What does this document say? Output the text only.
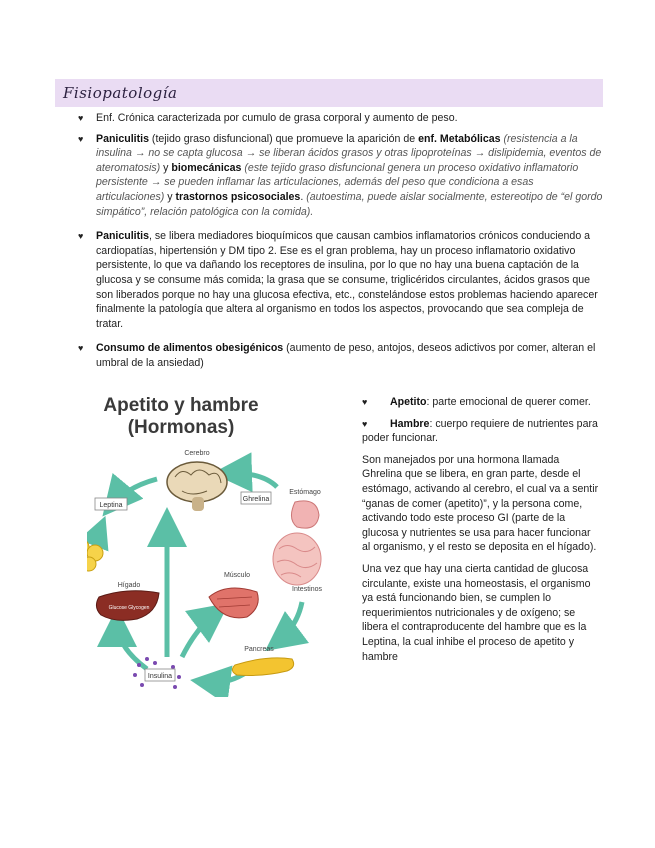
Fisiopatología
♥ Enf. Crónica caracterizada por cumulo de grasa corporal y aumento de peso.
♥ Paniculitis (tejido graso disfuncional) que promueve la aparición de enf. Metabólicas (resistencia a la insulina → no se capta glucosa → se liberan ácidos grasos y otras lipoproteínas → dislipidemia, eventos de ateromatosis) y biomecánicas (este tejido graso disfuncional genera un proceso oxidativo inflamatorio persistente → se pueden inflamar las articulaciones, además del peso que condiciona a esas articulaciones) y trastornos psicosociales. (autoestima, puede aislar socialmente, estereotipo de “el gordo simpático”, relación patológica con la comida).
♥ Paniculitis, se libera mediadores bioquímicos que causan cambios inflamatorios crónicos conduciendo a cardiopatías, hipertensión y DM tipo 2. Ese es el gran problema, hay un proceso inflamatorio oxidativo persistente, lo que va dañando los receptores de insulina, por lo que no hay una buena captación de la glucosa y se consume más comida; la grasa que se consume, triglicéridos circulantes, ácidos grasos que son liberados porque no hay una glucosa efectiva, etc., constelándose estos problemas haciendo aparecer finalmente la patología que altera al organismo en todos los aspectos, provocando que sea compleja de tratar.
♥ Consumo de alimentos obesigénicos (aumento de peso, antojos, deseos adictivos por comer, alteran el umbral de la ansiedad)
Apetito y hambre
(Hormonas)
Cerebro
Ghrelina
Estómago
Intestinos
Leptina
Hígado
Glucose Glycogen
Músculo
Pancreas
Insulina

♥ Apetito: parte emocional de querer comer.

♥ Hambre: cuerpo requiere de nutrientes para poder funcionar.

Son manejados por una hormona llamada Ghrelina que se libera, en gran parte, desde el estómago, activando al cerebro, el cual va a sentir “ganas de comer (apetito)”, y la persona come, activando todo este proceso GI (parte de la glucosa y nutrientes se usa para hacer funcionar al organismo, y el resto se deposita en el hígado).

Una vez que hay una cierta cantidad de glucosa circulante, existe una homeostasis, el organismo ya está funcionando bien, se cumplen lo requerimientos nutricionales y de oxígeno; se libera el contraproducente del hambre que es la Leptina, la cual inhibe el proceso de apetito y hambre
